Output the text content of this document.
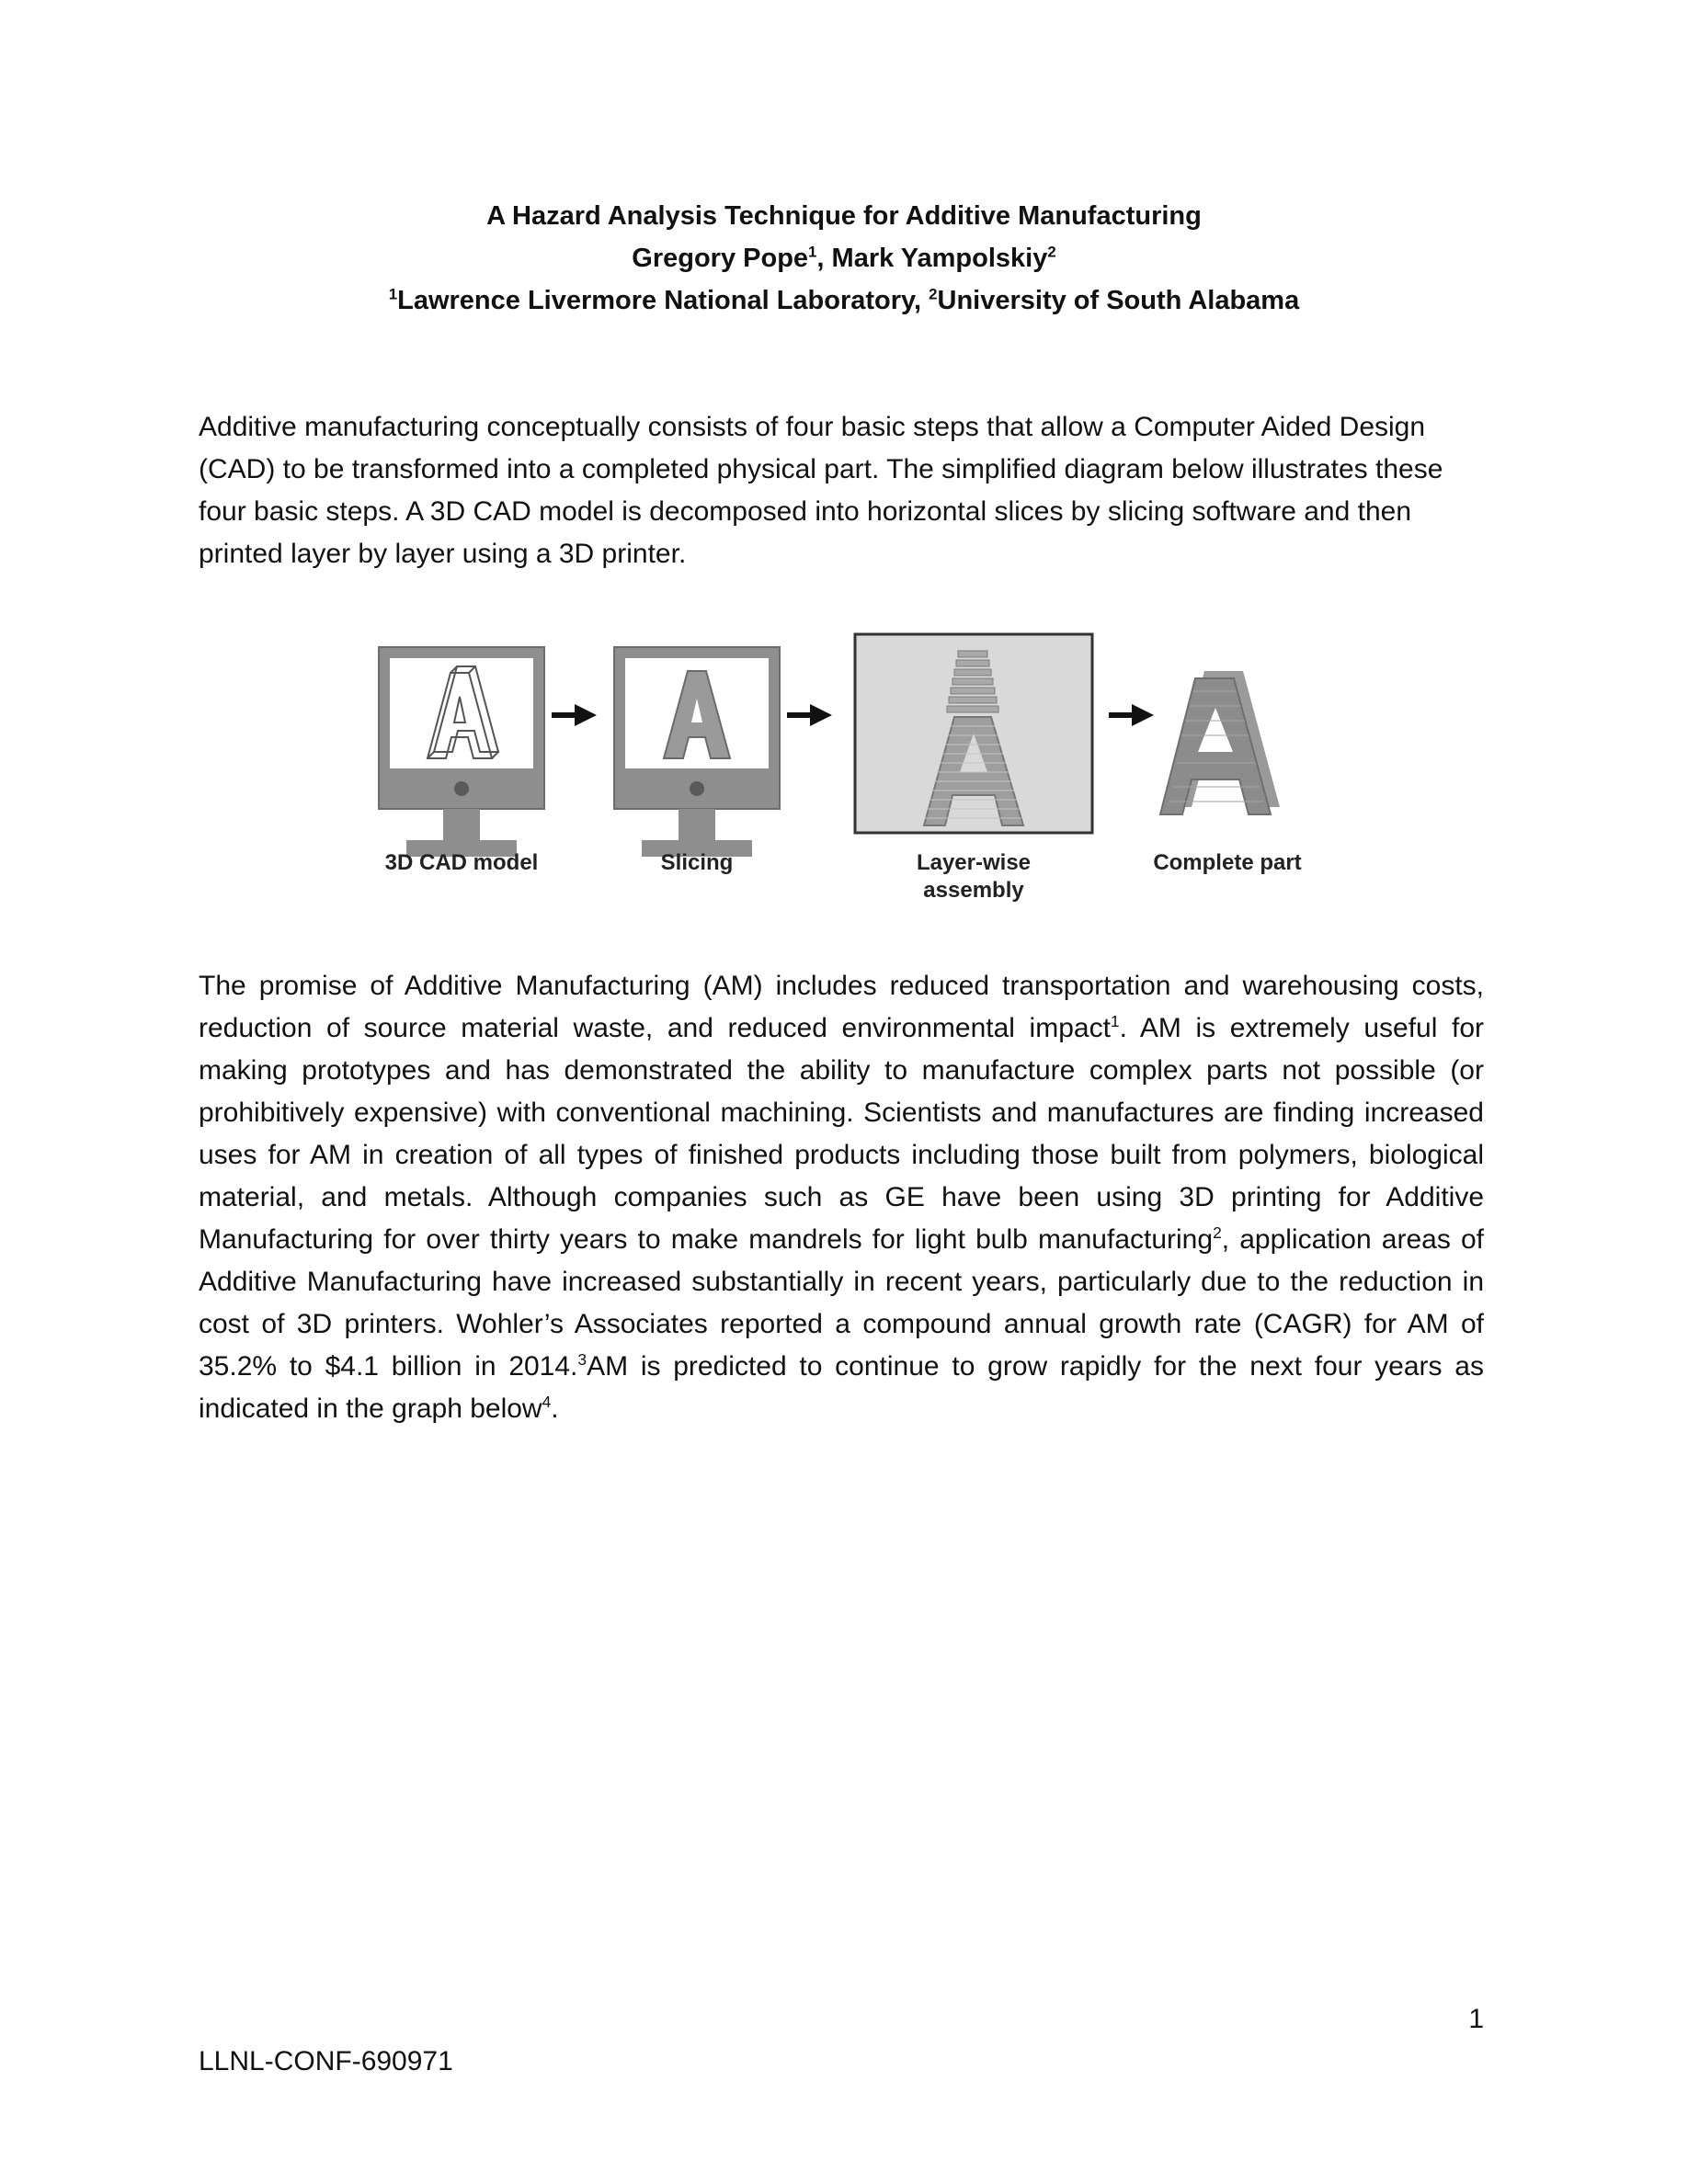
A Hazard Analysis Technique for Additive Manufacturing
Gregory Pope$^1$, Mark Yampolskiy$^2$
$^1$Lawrence Livermore National Laboratory, $^2$University of South Alabama

Additive manufacturing conceptually consists of four basic steps that allow a Computer Aided Design (CAD) to be transformed into a completed physical part. The simplified diagram below illustrates these four basic steps. A 3D CAD model is decomposed into horizontal slices by slicing software and then printed layer by layer using a 3D printer.

3D CAD model	Slicing	Layer-wise
assembly
Complete part

The promise of Additive Manufacturing (AM) includes reduced transportation and warehousing costs, reduction of source material waste, and reduced environmental impact$^1$. AM is extremely useful for making prototypes and has demonstrated the ability to manufacture complex parts not possible (or prohibitively expensive) with conventional machining. Scientists and manufactures are finding increased uses for AM in creation of all types of finished products including those built from polymers, biological material, and metals. Although companies such as GE have been using 3D printing for Additive Manufacturing for over thirty years to make mandrels for light bulb manufacturing$^2$, application areas of Additive Manufacturing have increased substantially in recent years, particularly due to the reduction in cost of 3D printers. Wohler’s Associates reported a compound annual growth rate (CAGR) for AM of 35.2% to $4.1 billion in 2014.$^3$AM is predicted to continue to grow rapidly for the next four years as indicated in the graph below$^4$.

1
LLNL-CONF-690971
